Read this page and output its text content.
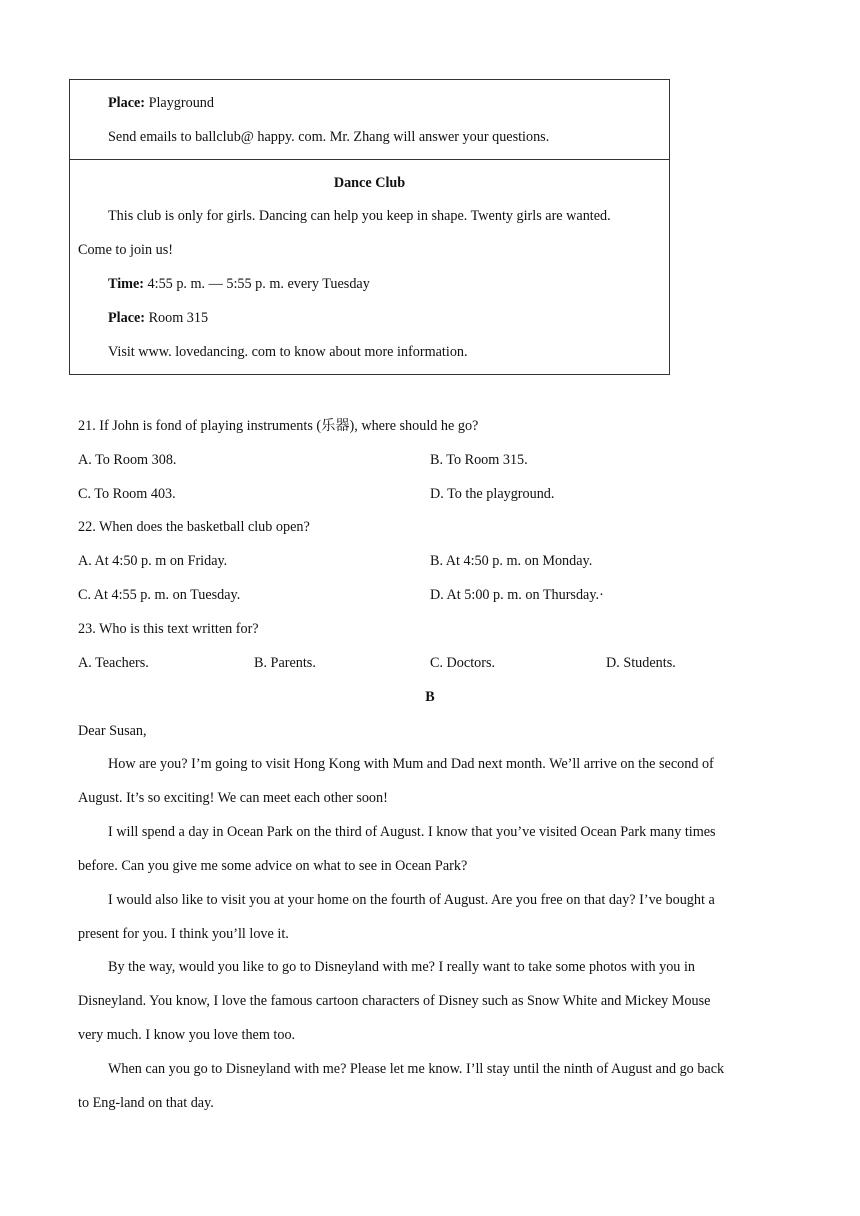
Place: Playground
Send emails to ballclub@ happy. com. Mr. Zhang will answer your questions.
Dance Club
This club is only for girls. Dancing can help you keep in shape. Twenty girls are wanted.
Come to join us!
Time: 4:55 p. m. — 5:55 p. m. every Tuesday
Place: Room 315
Visit www. lovedancing. com to know about more information.
21. If John is fond of playing instruments (乐器), where should he go?
A. To Room 308.	B. To Room 315.
C. To Room 403.	D. To the playground.
22. When does the basketball club open?
A. At 4:50 p. m on Friday.	B. At 4:50 p. m. on Monday.
C. At 4:55 p. m. on Tuesday.	D. At 5:00 p. m. on Thursday.·
23. Who is this text written for?
A. Teachers.	B. Parents.	C. Doctors.	D. Students.
B
Dear Susan,
How are you? I’m going to visit Hong Kong with Mum and Dad next month. We’ll arrive on the second of
August. It’s so exciting! We can meet each other soon!
I will spend a day in Ocean Park on the third of August. I know that you’ve visited Ocean Park many times
before. Can you give me some advice on what to see in Ocean Park?
I would also like to visit you at your home on the fourth of August. Are you free on that day? I’ve bought a
present for you. I think you’ll love it.
By the way, would you like to go to Disneyland with me? I really want to take some photos with you in
Disneyland. You know, I love the famous cartoon characters of Disney such as Snow White and Mickey Mouse
very much. I know you love them too.
When can you go to Disneyland with me? Please let me know. I’ll stay until the ninth of August and go back
to Eng-land on that day.
